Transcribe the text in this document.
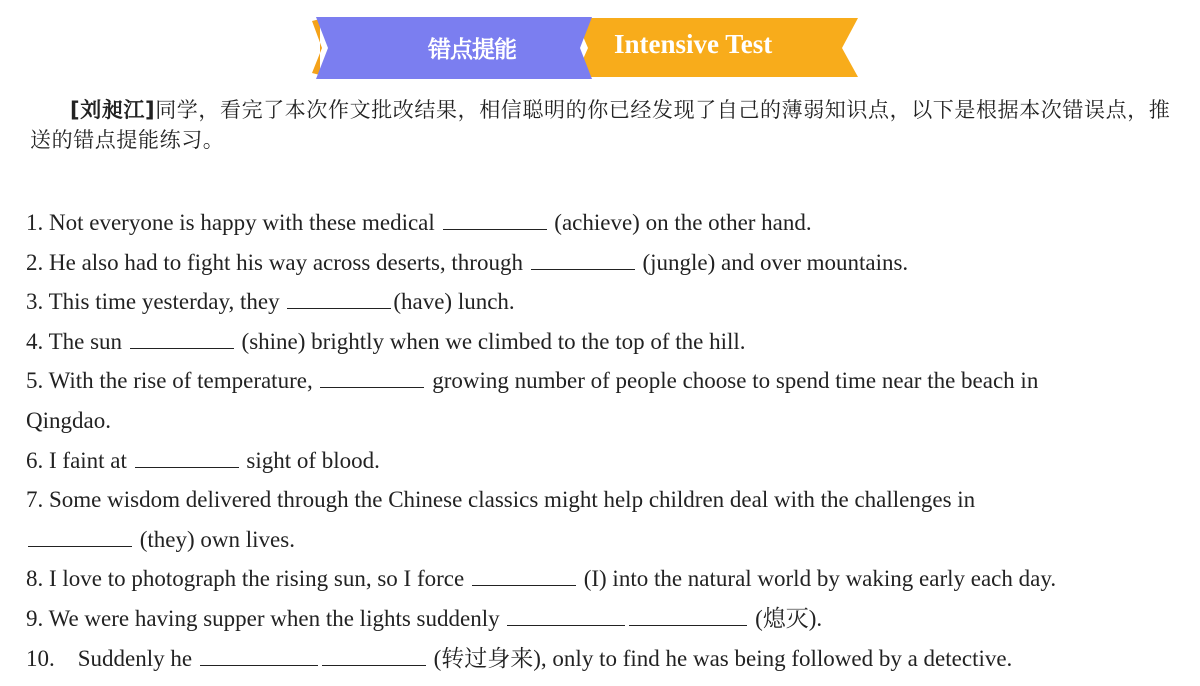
错点提能	Intensive Test
[刘昶江]同学，看完了本次作文批改结果，相信聪明的你已经发现了自己的薄弱知识点，以下是根据本次错误点，推送的错点提能练习。
1. Not everyone is happy with these medical	(achieve) on the other hand.
2. He also had to fight his way across deserts, through	(jungle) and over mountains.
3. This time yesterday, they	(have) lunch.
4. The sun	(shine) brightly when we climbed to the top of the hill.
5. With the rise of temperature,	growing number of people choose to spend time near the beach in
Qingdao.
6. I faint at	sight of blood.
7. Some wisdom delivered through the Chinese classics might help children deal with the challenges in
(they) own lives.
8. I love to photograph the rising sun, so I force	(I) into the natural world by waking early each day.
9. We were having supper when the lights suddenly	(熄灭).
10.    Suddenly he	(转过身来), only to find he was being followed by a detective.
